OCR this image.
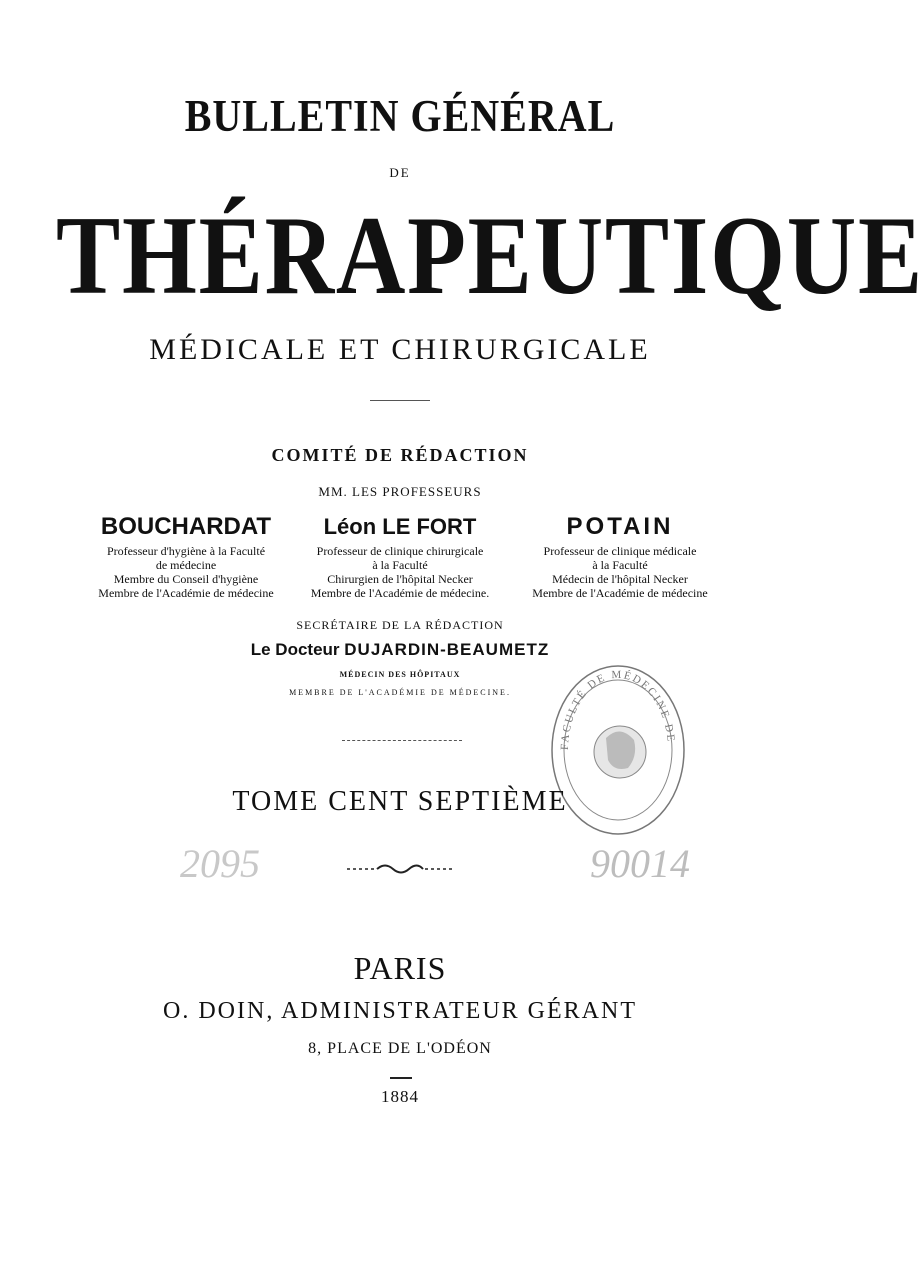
BULLETIN GÉNÉRAL
DE
THÉRAPEUTIQUE
MÉDICALE ET CHIRURGICALE
COMITÉ DE RÉDACTION
MM. LES PROFESSEURS
BOUCHARDAT
Professeur d'hygiène à la Faculté
de médecine
Membre du Conseil d'hygiène
Membre de l'Académie de médecine
Léon LE FORT
Professeur de clinique chirurgicale
à la Faculté
Chirurgien de l'hôpital Necker
Membre de l'Académie de médecine.
POTAIN
Professeur de clinique médicale
à la Faculté
Médecin de l'hôpital Necker
Membre de l'Académie de médecine
SECRÉTAIRE DE LA RÉDACTION
Le Docteur DUJARDIN-BEAUMETZ
MÉDECIN DES HÔPITAUX
MEMBRE DE L'ACADÉMIE DE MÉDECINE.
FACULTÉ DE MÉDECINE DE
TOME CENT SEPTIÈME
2095	90014
PARIS
O. DOIN, ADMINISTRATEUR GÉRANT
8, PLACE DE L'ODÉON
1884
